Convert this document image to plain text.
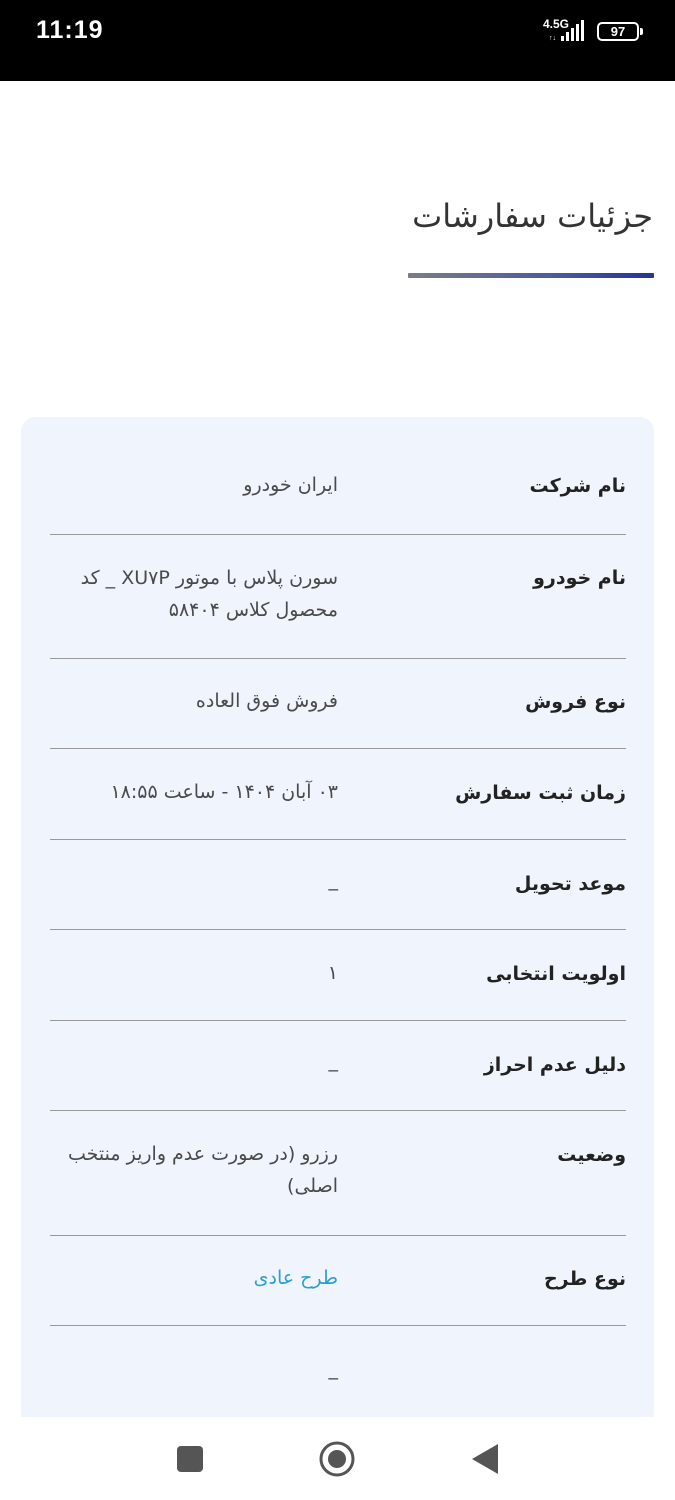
11:19	4.5G
↑↓	97
جزئیات سفارشات
نام شرکت
ایران خودرو
نام خودرو
سورن پلاس با موتور XU۷P _ کد محصول کلاس ۵۸۴۰۴
نوع فروش
فروش فوق العاده
زمان ثبت سفارش
۰۳ آبان ۱۴۰۴ - ساعت ۱۸:۵۵
موعد تحویل
_
اولویت انتخابی
۱
دلیل عدم احراز
_
وضعیت
رزرو (در صورت عدم واریز منتخب اصلی)
نوع طرح
طرح عادی
_
